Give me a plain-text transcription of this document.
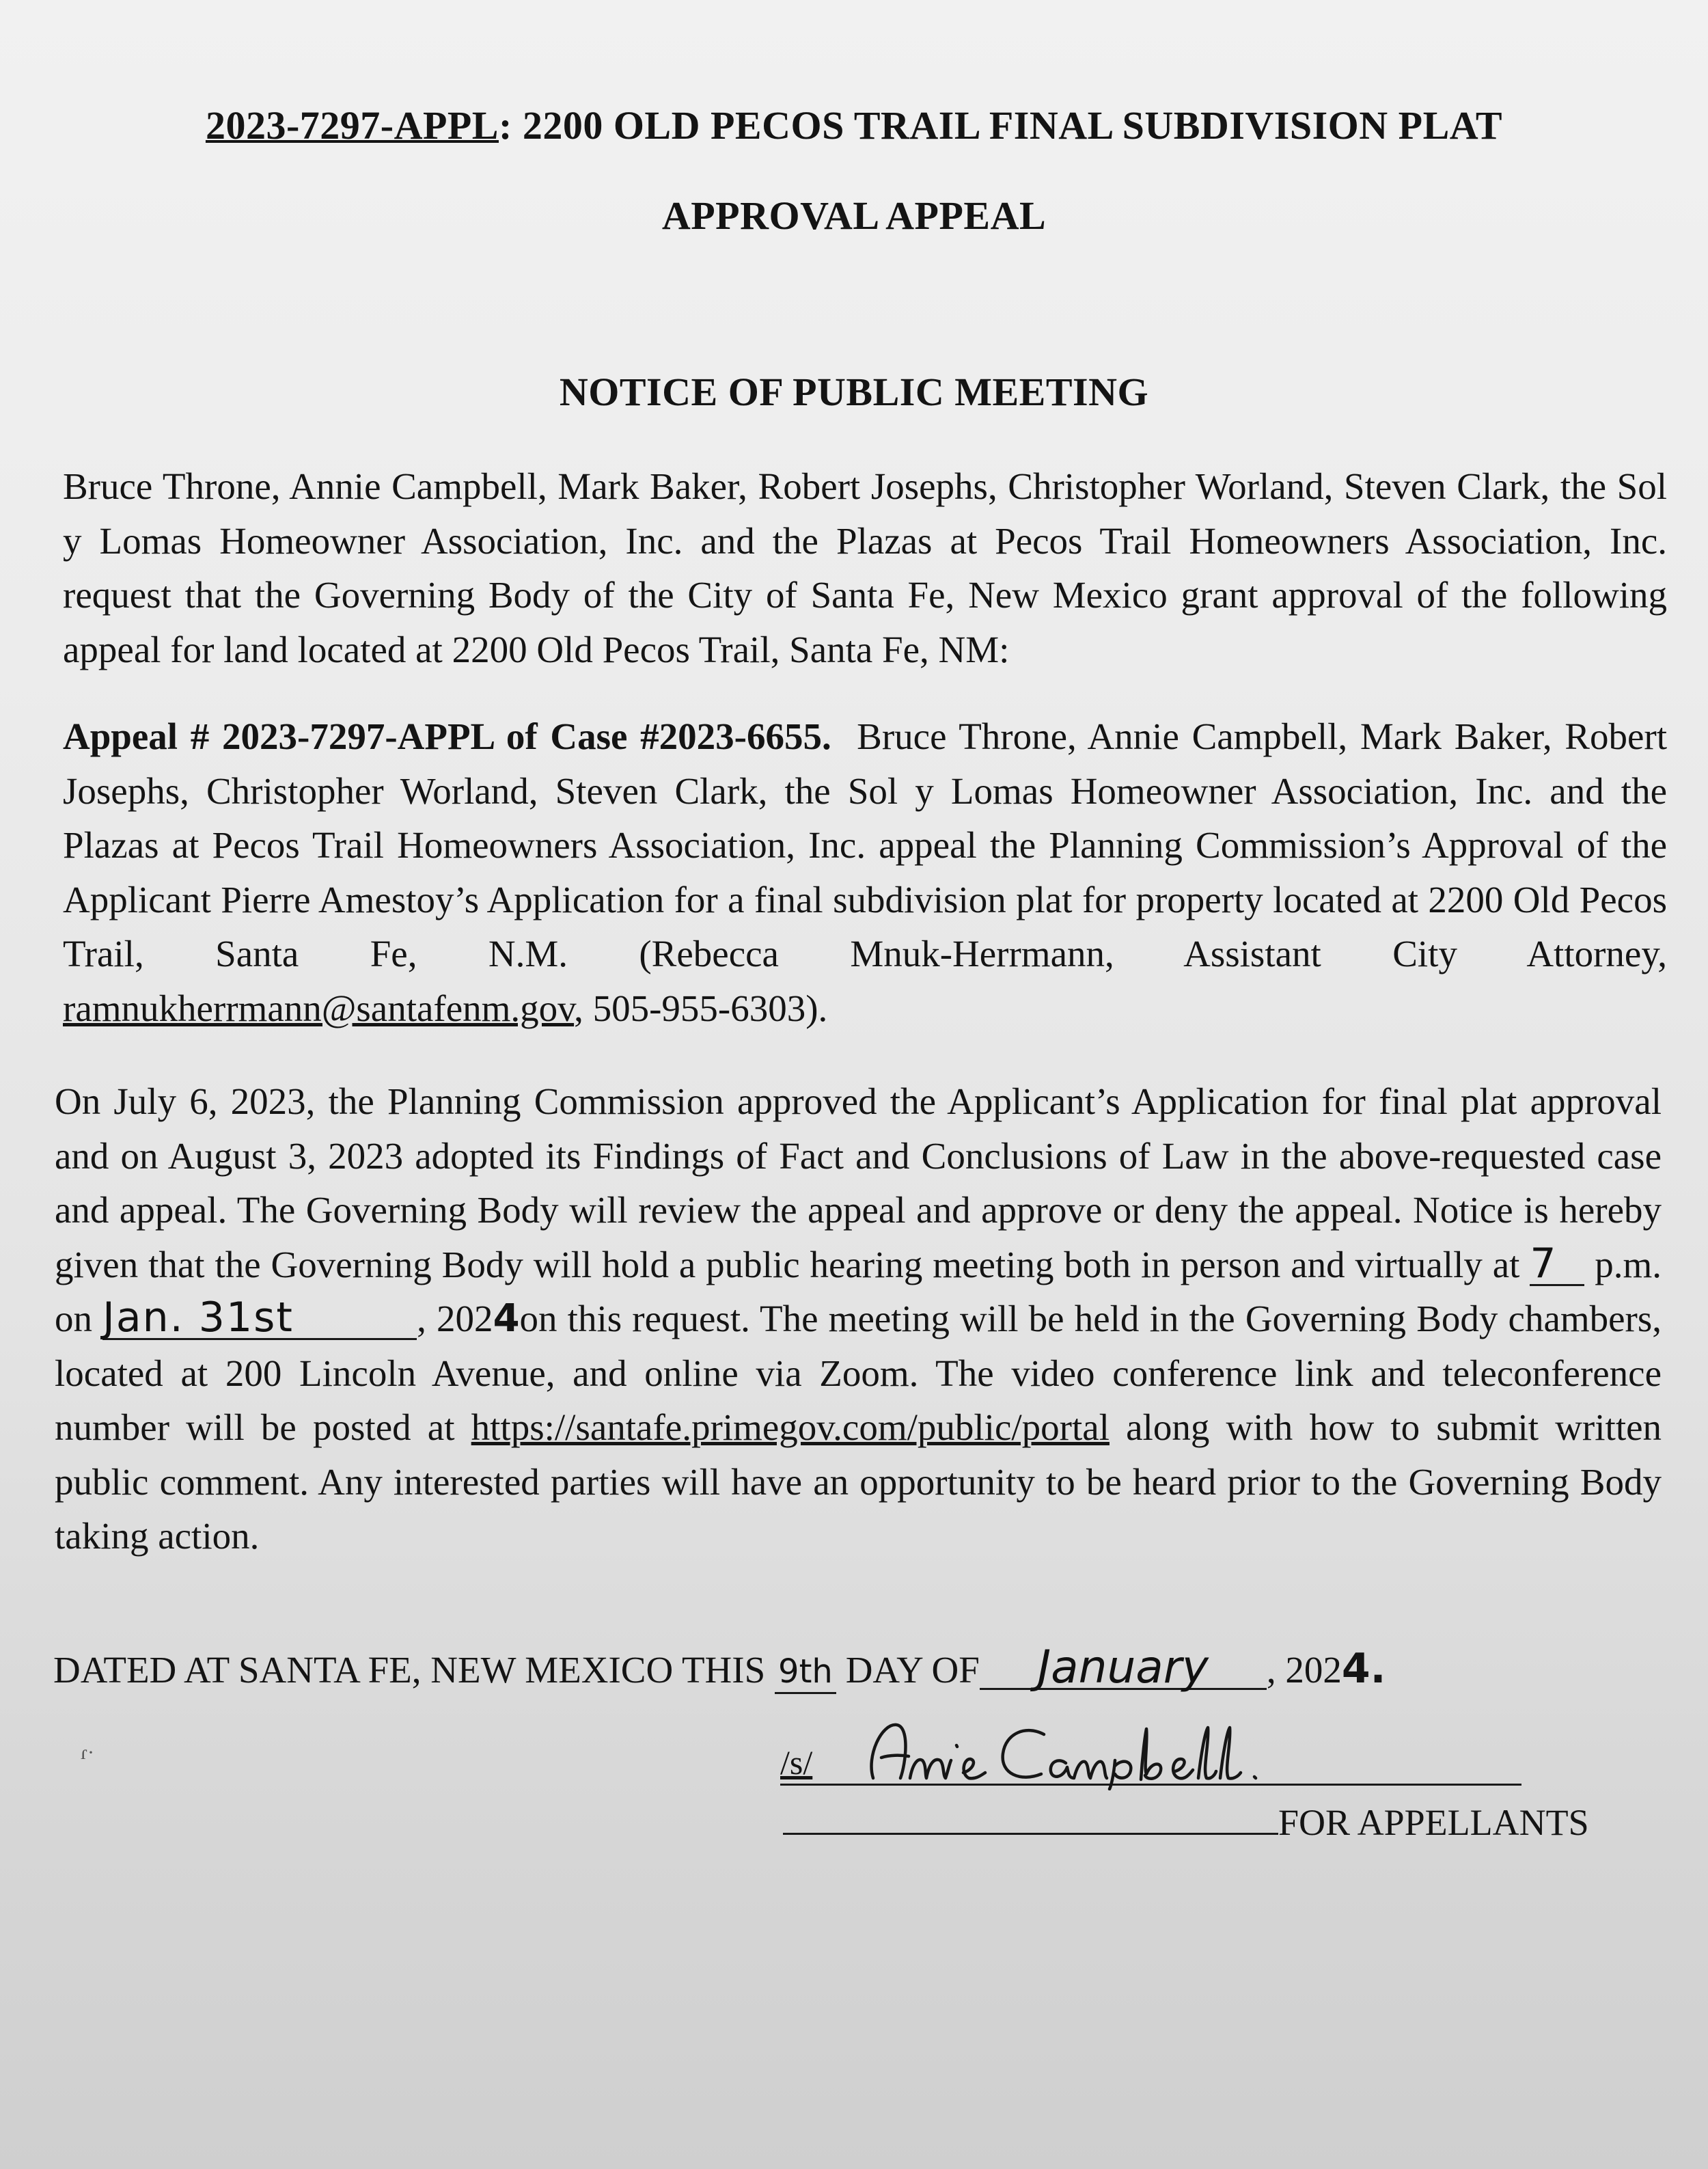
2023-7297-APPL: 2200 OLD PECOS TRAIL FINAL SUBDIVISION PLAT
APPROVAL APPEAL
NOTICE OF PUBLIC MEETING
Bruce Throne, Annie Campbell, Mark Baker, Robert Josephs, Christopher Worland, Steven Clark, the Sol y Lomas Homeowner Association, Inc. and the Plazas at Pecos Trail Homeowners Association, Inc. request that the Governing Body of the City of Santa Fe, New Mexico grant approval of the following appeal for land located at 2200 Old Pecos Trail, Santa Fe, NM:
Appeal # 2023-7297-APPL of Case #2023-6655. Bruce Throne, Annie Campbell, Mark Baker, Robert Josephs, Christopher Worland, Steven Clark, the Sol y Lomas Homeowner Association, Inc. and the Plazas at Pecos Trail Homeowners Association, Inc. appeal the Planning Commission’s Approval of the Applicant Pierre Amestoy’s Application for a final subdivision plat for property located at 2200 Old Pecos Trail, Santa Fe, N.M. (Rebecca Mnuk-Herrmann, Assistant City Attorney, ramnukherrmann@santafenm.gov, 505-955-6303).
On July 6, 2023, the Planning Commission approved the Applicant’s Application for final plat approval and on August 3, 2023 adopted its Findings of Fact and Conclusions of Law in the above-requested case and appeal. The Governing Body will review the appeal and approve or deny the appeal. Notice is hereby given that the Governing Body will hold a public hearing meeting both in person and virtually at 7 p.m. on Jan. 31st	, 2024on this request. The meeting will be held in the Governing Body chambers, located at 200 Lincoln Avenue, and online via Zoom. The video conference link and teleconference number will be posted at https://santafe.primegov.com/public/portal along with how to submit written public comment. Any interested parties will have an opportunity to be heard prior to the Governing Body taking action.
DATED AT SANTA FE, NEW MEXICO THIS 9th DAY OF January , 2024.
ɾ·	/s/
FOR APPELLANTS
